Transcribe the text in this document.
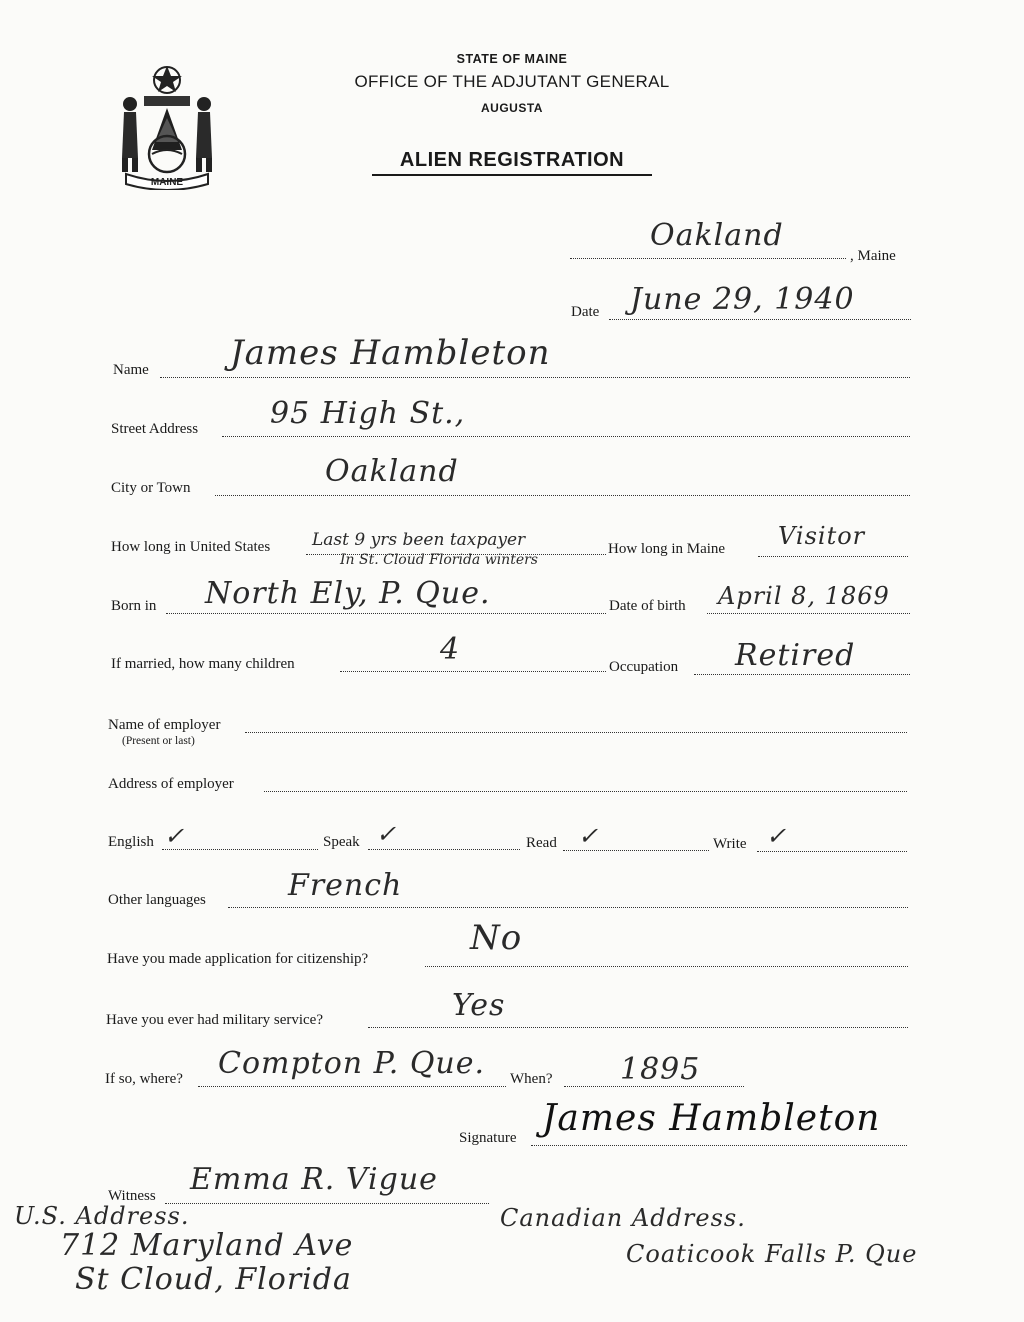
MAINE
STATE OF MAINE
OFFICE OF THE ADJUTANT GENERAL
AUGUSTA
ALIEN REGISTRATION
Oakland
, Maine
Date June 29, 1940
Name James Hambleton
Street Address 95 High St.,
City or Town	Oakland
How long in United States Last 9 yrs been taxpayer
In St. Cloud Florida winters
How long in Maine Visitor
Born in North Ely, P. Que.	Date of birth April 8, 1869
If married, how many children	4	Occupation Retired
Name of employer
(Present or last)
Address of employer
English ✓	Speak ✓	Read ✓	Write ✓
Other languages	French
Have you made application for citizenship?
No
Have you ever had military service?	Yes
If so, where? Compton P. Que. When? 1895
Signature James Hambleton
Witness Emma R. Vigue
U.S. Address.
712 Maryland Ave
St Cloud, Florida
Canadian Address.
Coaticook Falls P. Que
